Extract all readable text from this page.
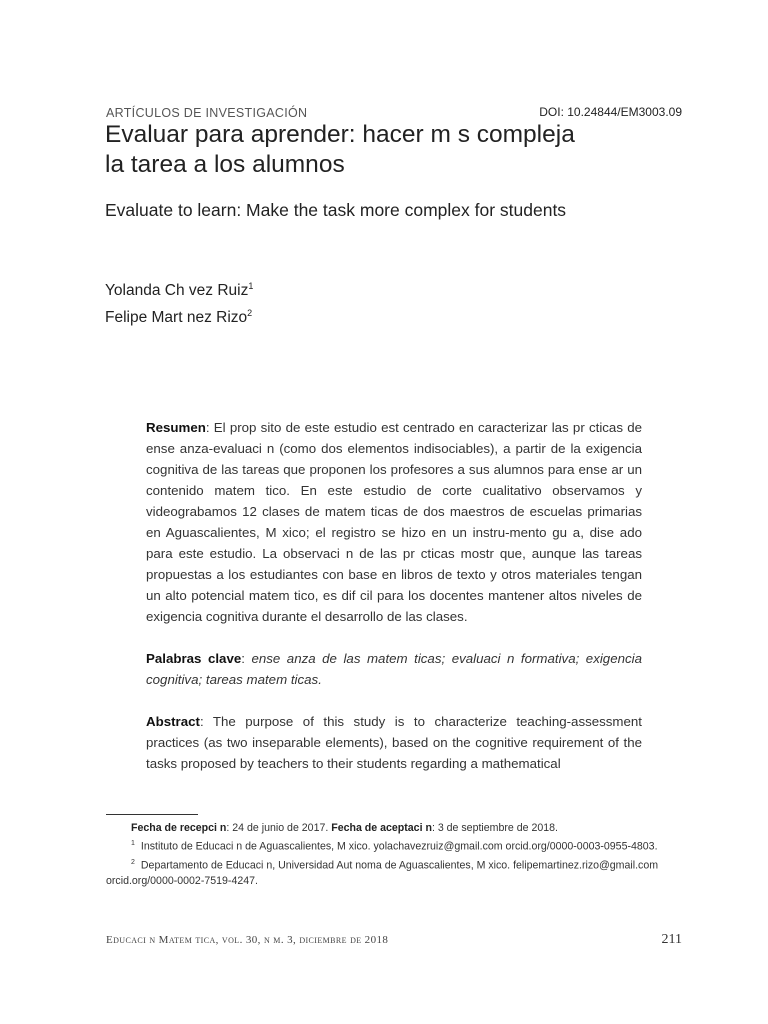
ARTÍCULOS DE INVESTIGACIÓN	DOI: 10.24844/EM3003.09
Evaluar para aprender: hacer m s compleja
la tarea a los alumnos
Evaluate to learn: Make the task more complex for students
Yolanda Ch vez Ruiz$^1$
Felipe Mart nez Rizo$^2$

Resumen: El prop sito de este estudio est centrado en caracterizar las pr cticas de ense anza-evaluaci n (como dos elementos indisociables), a partir de la exigencia cognitiva de las tareas que proponen los profesores a sus alumnos para ense ar un contenido matem tico. En este estudio de corte cualitativo observamos y videograbamos 12 clases de matem ticas de dos maestros de escuelas primarias en Aguascalientes, M xico; el registro se hizo en un instru-mento gu a, dise ado para este estudio. La observaci n de las pr cticas mostr que, aunque las tareas propuestas a los estudiantes con base en libros de texto y otros materiales tengan un alto potencial matem tico, es dif cil para los docentes mantener altos niveles de exigencia cognitiva durante el desarrollo de las clases.

Palabras clave: ense anza de las matem ticas; evaluaci n formativa; exigencia cognitiva; tareas matem ticas.

Abstract: The purpose of this study is to characterize teaching-assessment practices (as two inseparable elements), based on the cognitive requirement of the tasks proposed by teachers to their students regarding a mathematical

Fecha de recepci n: 24 de junio de 2017. Fecha de aceptaci n: 3 de septiembre de 2018.

$^1$ Instituto de Educaci n de Aguascalientes, M xico. yolachavezruiz@gmail.com orcid.org/0000-0003-0955-4803.

$^2$ Departamento de Educaci n, Universidad Aut noma de Aguascalientes, M xico. felipemartinez.rizo@gmail.com orcid.org/0000-0002-7519-4247.

Educaci n Matem tica, vol. 30, n m. 3, diciembre de 2018	211
